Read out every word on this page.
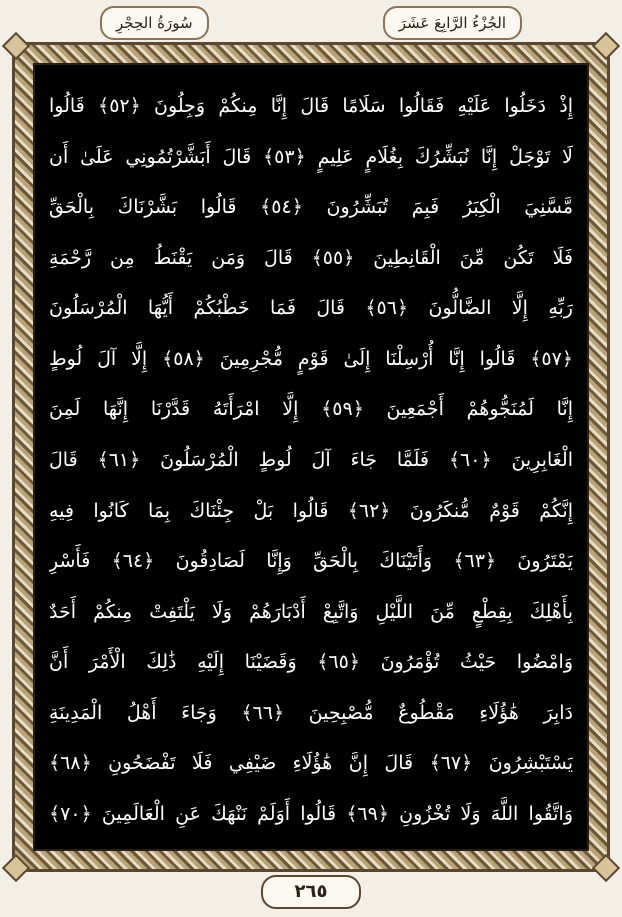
الجُزْءُ الرَّابِعَ عَشَرَ
سُورَةُ الحِجْرِ
إِذْ دَخَلُوا عَلَيْهِ فَقَالُوا سَلَامًا قَالَ إِنَّا مِنكُمْ وَجِلُونَ ﴿٥٢﴾ قَالُوا
لَا تَوْجَلْ إِنَّا نُبَشِّرُكَ بِغُلَامٍ عَلِيمٍ ﴿٥٣﴾ قَالَ أَبَشَّرْتُمُونِي عَلَىٰ أَن
مَّسَّنِيَ الْكِبَرُ فَبِمَ تُبَشِّرُونَ ﴿٥٤﴾ قَالُوا بَشَّرْنَاكَ بِالْحَقِّ
فَلَا تَكُن مِّنَ الْقَانِطِينَ ﴿٥٥﴾ قَالَ وَمَن يَقْنَطُ مِن رَّحْمَةِ
رَبِّهِ إِلَّا الضَّالُّونَ ﴿٥٦﴾ قَالَ فَمَا خَطْبُكُمْ أَيُّهَا الْمُرْسَلُونَ
﴿٥٧﴾ قَالُوا إِنَّا أُرْسِلْنَا إِلَىٰ قَوْمٍ مُّجْرِمِينَ ﴿٥٨﴾ إِلَّا آلَ لُوطٍ
إِنَّا لَمُنَجُّوهُمْ أَجْمَعِينَ ﴿٥٩﴾ إِلَّا امْرَأَتَهُ قَدَّرْنَا إِنَّهَا لَمِنَ
الْغَابِرِينَ ﴿٦٠﴾ فَلَمَّا جَاءَ آلَ لُوطٍ الْمُرْسَلُونَ ﴿٦١﴾ قَالَ
إِنَّكُمْ قَوْمٌ مُّنكَرُونَ ﴿٦٢﴾ قَالُوا بَلْ جِئْنَاكَ بِمَا كَانُوا فِيهِ
يَمْتَرُونَ ﴿٦٣﴾ وَأَتَيْنَاكَ بِالْحَقِّ وَإِنَّا لَصَادِقُونَ ﴿٦٤﴾ فَأَسْرِ
بِأَهْلِكَ بِقِطْعٍ مِّنَ اللَّيْلِ وَاتَّبِعْ أَدْبَارَهُمْ وَلَا يَلْتَفِتْ مِنكُمْ أَحَدٌ
وَامْضُوا حَيْثُ تُؤْمَرُونَ ﴿٦٥﴾ وَقَضَيْنَا إِلَيْهِ ذَٰلِكَ الْأَمْرَ أَنَّ
دَابِرَ هَٰؤُلَاءِ مَقْطُوعٌ مُّصْبِحِينَ ﴿٦٦﴾ وَجَاءَ أَهْلُ الْمَدِينَةِ
يَسْتَبْشِرُونَ ﴿٦٧﴾ قَالَ إِنَّ هَٰؤُلَاءِ ضَيْفِي فَلَا تَفْضَحُونِ ﴿٦٨﴾
وَاتَّقُوا اللَّهَ وَلَا تُخْزُونِ ﴿٦٩﴾ قَالُوا أَوَلَمْ نَنْهَكَ عَنِ الْعَالَمِينَ ﴿٧٠﴾
٢٦٥
